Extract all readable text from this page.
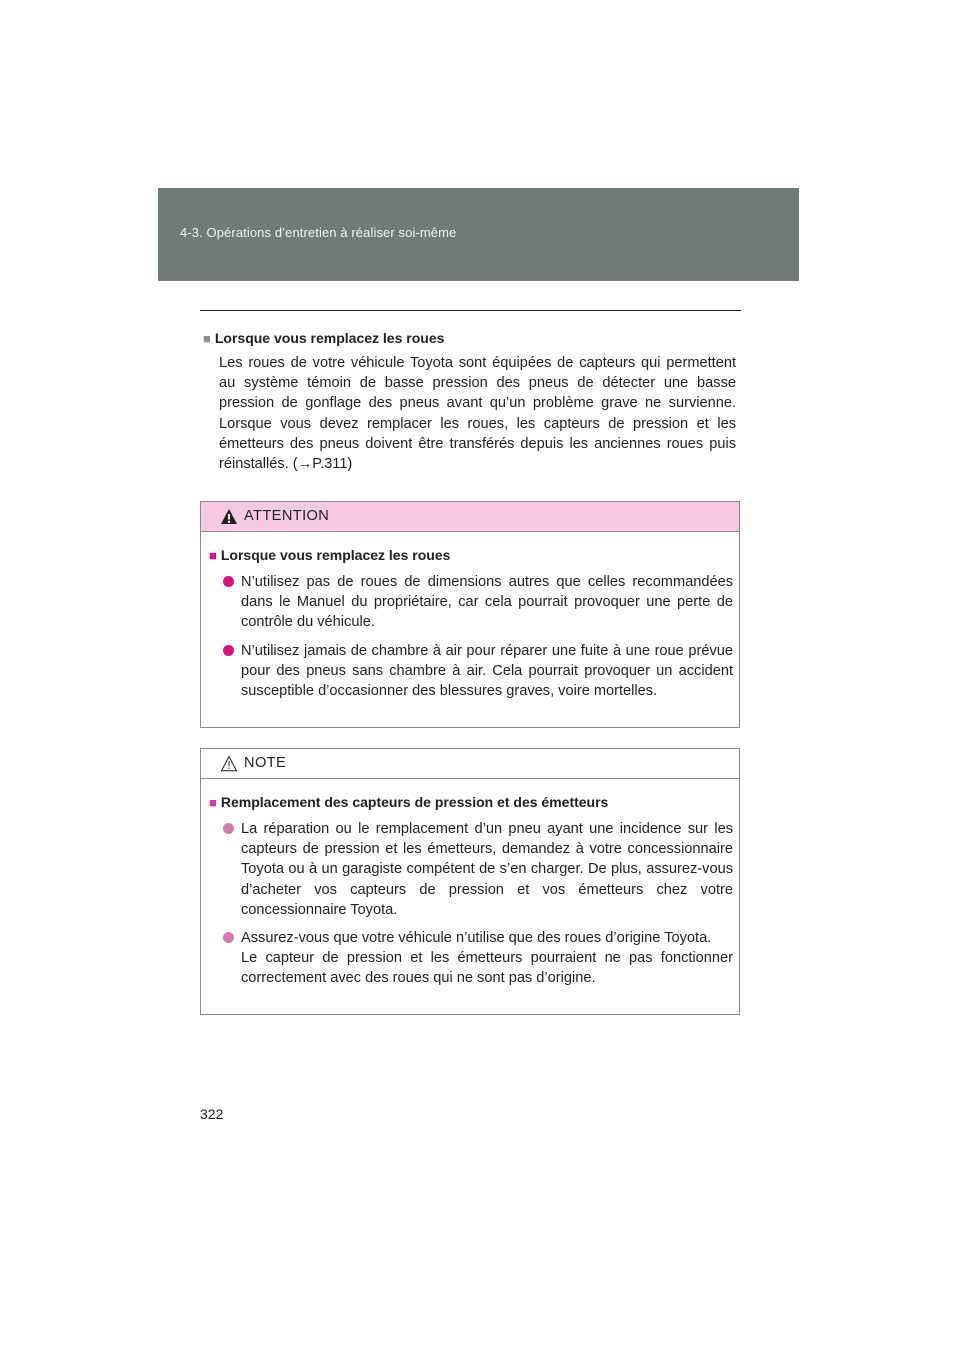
4-3. Opérations d’entretien à réaliser soi-même

■ Lorsque vous remplacez les roues

Les roues de votre véhicule Toyota sont équipées de capteurs qui permettent au système témoin de basse pression des pneus de détecter une basse pression de gonflage des pneus avant qu’un problème grave ne survienne. Lorsque vous devez remplacer les roues, les capteurs de pression et les émetteurs des pneus doivent être transférés depuis les anciennes roues puis réinstallés. (→P.311)

ATTENTION

■ Lorsque vous remplacez les roues

N’utilisez pas de roues de dimensions autres que celles recommandées dans le Manuel du propriétaire, car cela pourrait provoquer une perte de contrôle du véhicule.
N’utilisez jamais de chambre à air pour réparer une fuite à une roue prévue pour des pneus sans chambre à air. Cela pourrait provoquer un accident susceptible d’occasionner des blessures graves, voire mortelles.
NOTE

■ Remplacement des capteurs de pression et des émetteurs

La réparation ou le remplacement d’un pneu ayant une incidence sur les capteurs de pression et les émetteurs, demandez à votre concessionnaire Toyota ou à un garagiste compétent de s’en charger. De plus, assurez-vous d’acheter vos capteurs de pression et vos émetteurs chez votre concessionnaire Toyota.
Assurez-vous que votre véhicule n’utilise que des roues d’origine Toyota.
Le capteur de pression et les émetteurs pourraient ne pas fonctionner correctement avec des roues qui ne sont pas d’origine.
322
